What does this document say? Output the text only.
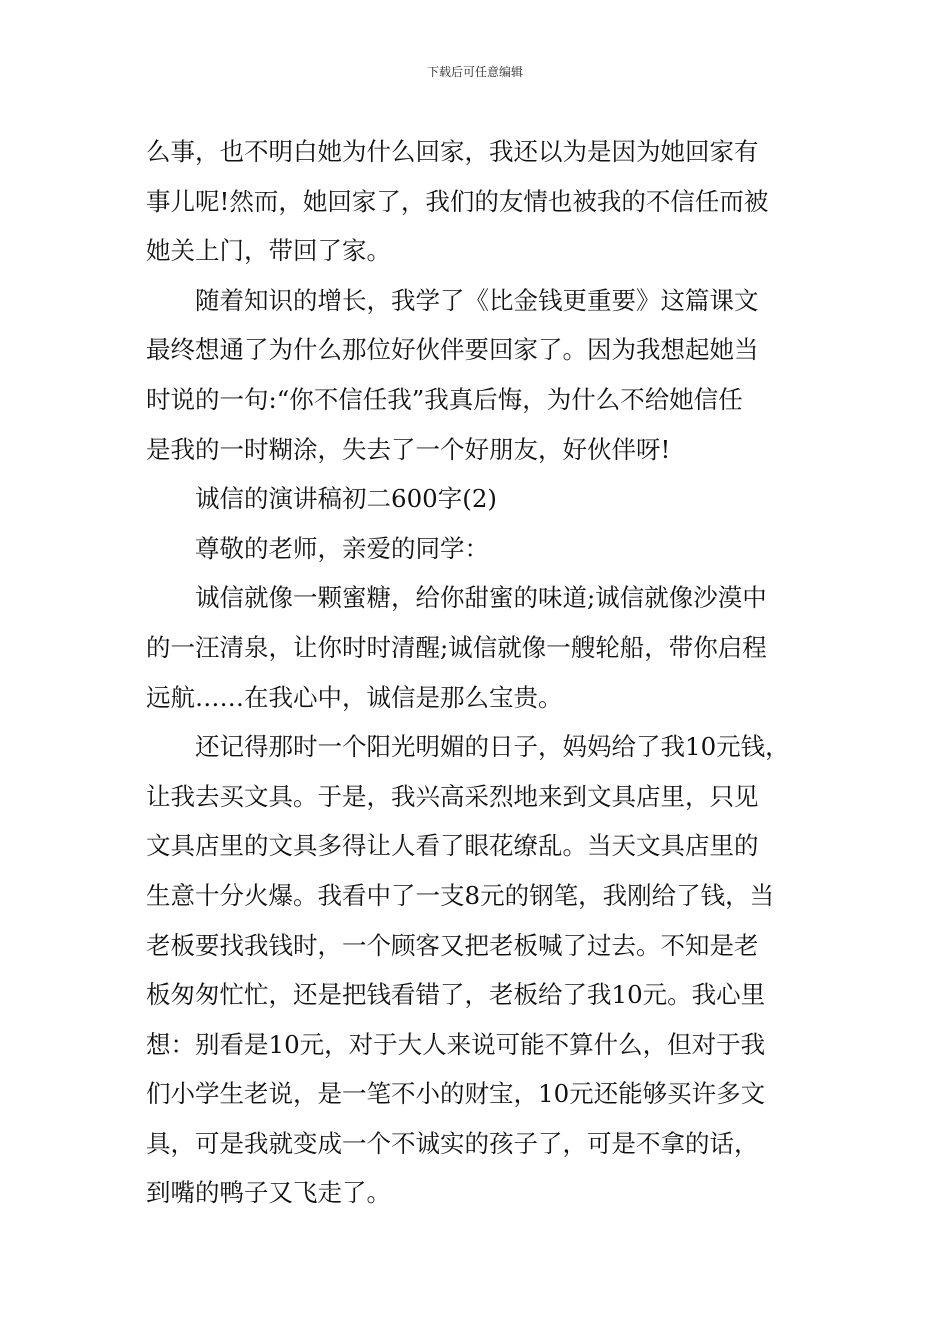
下载后可任意编辑

么事，也不明白她为什么回家，我还以为是因为她回家有

事儿呢!然而，她回家了，我们的友情也被我的不信任而被

她关上门，带回了家。

随着知识的增长，我学了《比金钱更重要》这篇课文

最终想通了为什么那位好伙伴要回家了。因为我想起她当

时说的一句:“你不信任我”我真后悔，为什么不给她信任

是我的一时糊涂，失去了一个好朋友，好伙伴呀!

诚信的演讲稿初二600字(2)

尊敬的老师，亲爱的同学：

诚信就像一颗蜜糖，给你甜蜜的味道;诚信就像沙漠中

的一汪清泉，让你时时清醒;诚信就像一艘轮船，带你启程

远航……在我心中，诚信是那么宝贵。

还记得那时一个阳光明媚的日子，妈妈给了我10元钱，

让我去买文具。于是，我兴高采烈地来到文具店里，只见

文具店里的文具多得让人看了眼花缭乱。当天文具店里的

生意十分火爆。我看中了一支8元的钢笔，我刚给了钱，当

老板要找我钱时，一个顾客又把老板喊了过去。不知是老

板匆匆忙忙，还是把钱看错了，老板给了我10元。我心里

想：别看是10元，对于大人来说可能不算什么，但对于我

们小学生老说，是一笔不小的财宝，10元还能够买许多文

具，可是我就变成一个不诚实的孩子了，可是不拿的话，

到嘴的鸭子又飞走了。
